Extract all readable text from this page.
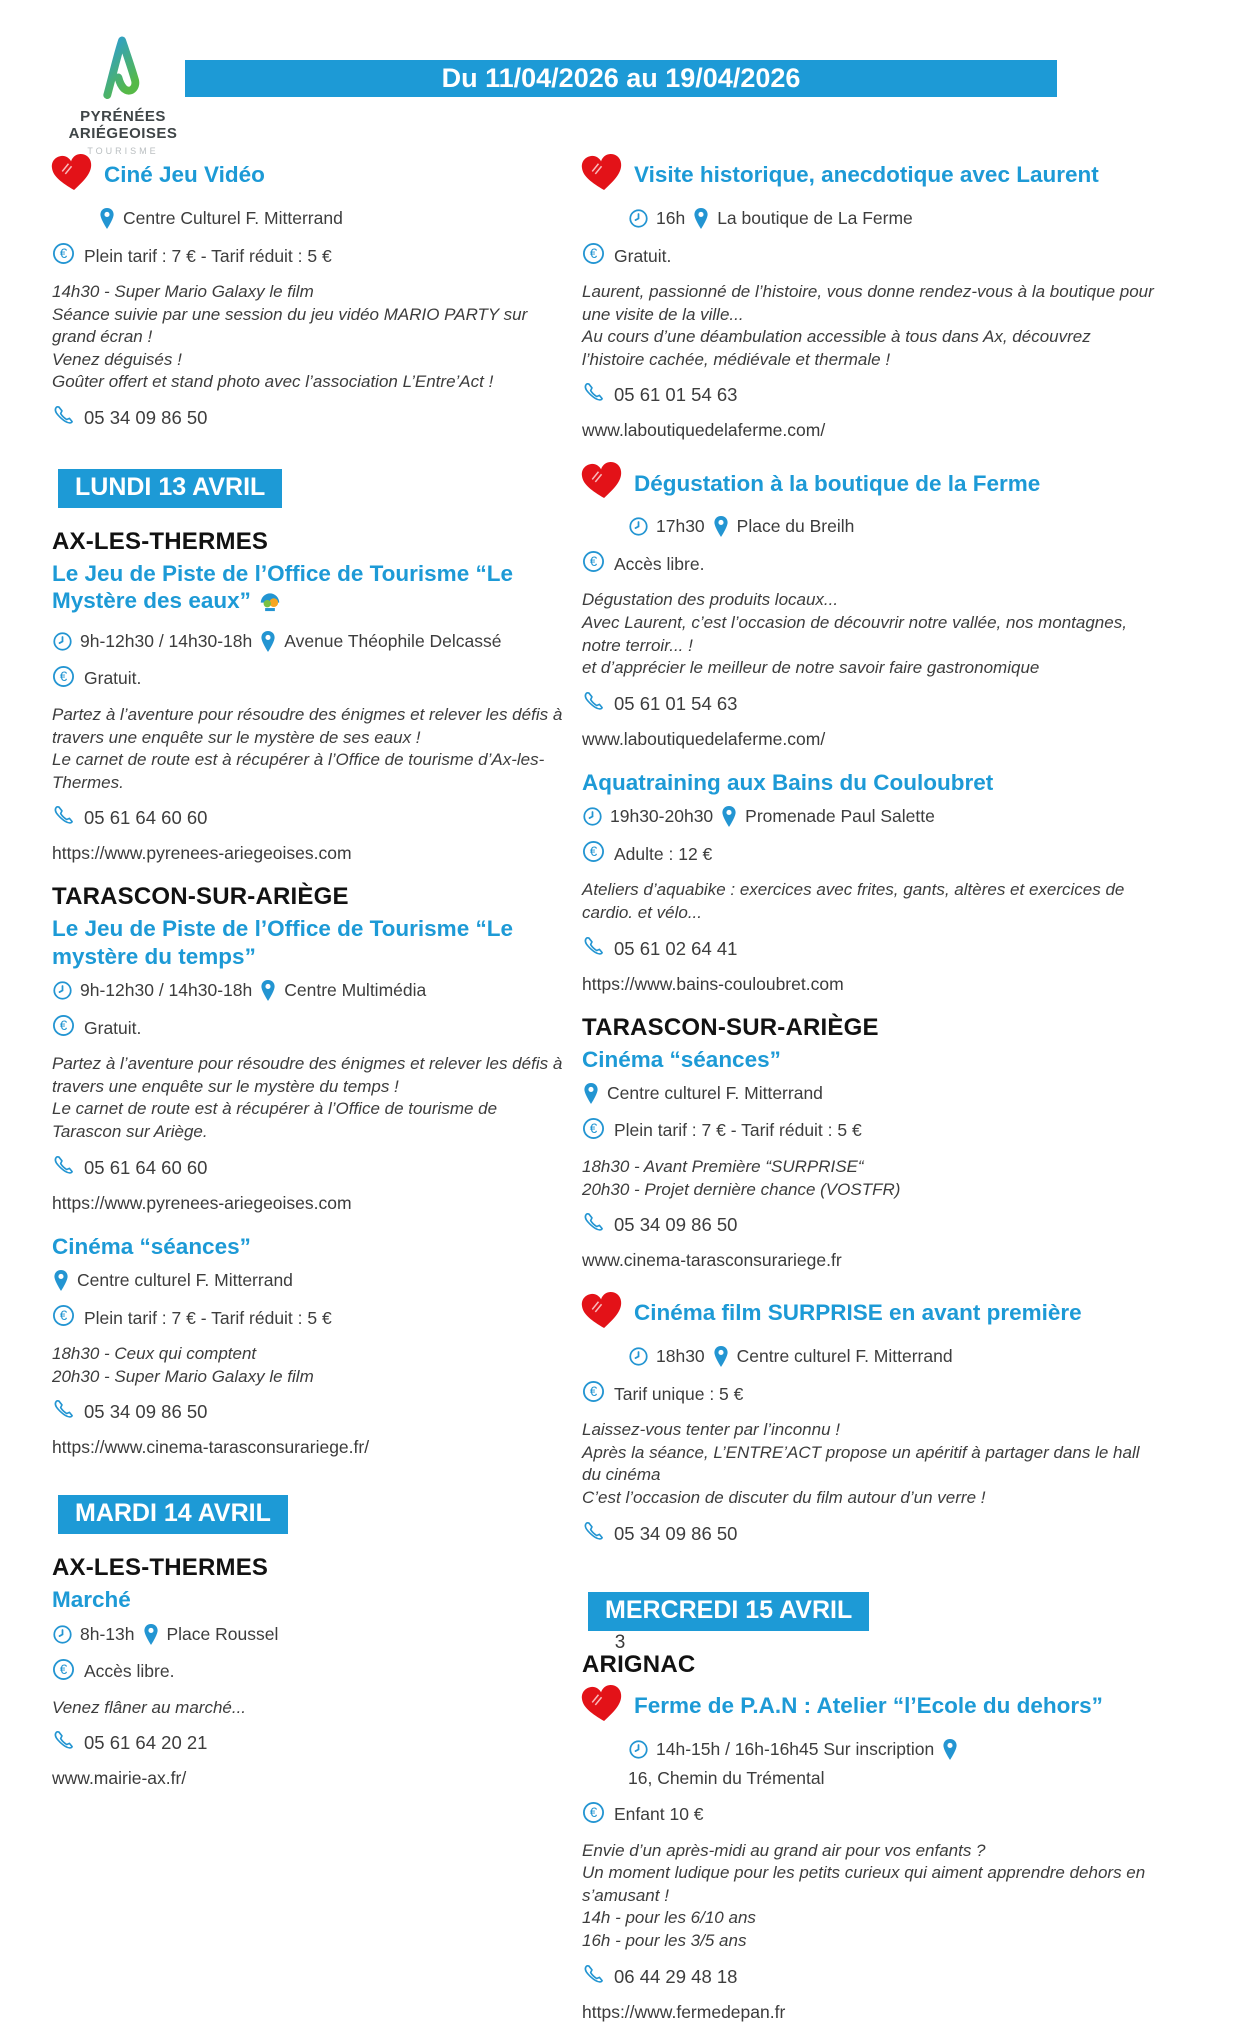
PYRÉNÉES
ARIÉGEOISES
TOURISME
Du 11/04/2026 au 19/04/2026
Ciné Jeu Vidéo
Centre Culturel F. Mitterrand
€ Plein tarif : 7 € - Tarif réduit : 5 €
14h30 - Super Mario Galaxy le film
Séance suivie par une session du jeu vidéo MARIO PARTY sur grand écran !
Venez déguisés !
Goûter offert et stand photo avec l’association L’Entre’Act !
05 34 09 86 50
LUNDI 13 AVRIL
AX-LES-THERMES
Le Jeu de Piste de l’Office de Tourisme “Le Mystère des eaux”
9h-12h30 / 14h30-18h Avenue Théophile Delcassé
€ Gratuit.
Partez à l’aventure pour résoudre des énigmes et relever les défis à travers une enquête sur le mystère de ses eaux !
Le carnet de route est à récupérer à l’Office de tourisme d’Ax-les-Thermes.
05 61 64 60 60
https://www.pyrenees-ariegeoises.com
TARASCON-SUR-ARIÈGE
Le Jeu de Piste de l’Office de Tourisme “Le mystère du temps”
9h-12h30 / 14h30-18h Centre Multimédia
€ Gratuit.
Partez à l’aventure pour résoudre des énigmes et relever les défis à travers une enquête sur le mystère du temps !
Le carnet de route est à récupérer à l’Office de tourisme de Tarascon sur Ariège.
05 61 64 60 60
https://www.pyrenees-ariegeoises.com
Cinéma “séances”
Centre culturel F. Mitterrand
€ Plein tarif : 7 € - Tarif réduit : 5 €
18h30 - Ceux qui comptent
20h30 - Super Mario Galaxy le film
05 34 09 86 50
https://www.cinema-tarasconsurariege.fr/
MARDI 14 AVRIL
AX-LES-THERMES
Marché
8h-13h Place Roussel
€ Accès libre.
Venez flâner au marché...
05 61 64 20 21
www.mairie-ax.fr/
Visite historique, anecdotique avec Laurent
16h La boutique de La Ferme
€ Gratuit.
Laurent, passionné de l’histoire, vous donne rendez-vous à la boutique pour une visite de la ville...
Au cours d’une déambulation accessible à tous dans Ax, découvrez l’histoire cachée, médiévale et thermale !
05 61 01 54 63
www.laboutiquedelaferme.com/
Dégustation à la boutique de la Ferme
17h30 Place du Breilh
€ Accès libre.
Dégustation des produits locaux...
Avec Laurent, c’est l’occasion de découvrir notre vallée, nos montagnes, notre terroir... !
et d’apprécier le meilleur de notre savoir faire gastronomique
05 61 01 54 63
www.laboutiquedelaferme.com/
Aquatraining aux Bains du Couloubret
19h30-20h30 Promenade Paul Salette
€ Adulte : 12 €
Ateliers d’aquabike : exercices avec frites, gants, altères et exercices de cardio. et vélo...
05 61 02 64 41
https://www.bains-couloubret.com
TARASCON-SUR-ARIÈGE
Cinéma “séances”
Centre culturel F. Mitterrand
€ Plein tarif : 7 € - Tarif réduit : 5 €
18h30 - Avant Première “SURPRISE“
20h30 - Projet dernière chance (VOSTFR)
05 34 09 86 50
www.cinema-tarasconsurariege.fr
Cinéma film SURPRISE en avant première
18h30 Centre culturel F. Mitterrand
€ Tarif unique : 5 €
Laissez-vous tenter par l’inconnu !
Après la séance, L’ENTRE’ACT propose un apéritif à partager dans le hall du cinéma
C’est l’occasion de discuter du film autour d’un verre !
05 34 09 86 50
MERCREDI 15 AVRIL
ARIGNAC
Ferme de P.A.N : Atelier “l’Ecole du dehors”
14h-15h / 16h-16h45 Sur inscription
16, Chemin du Trémental
€ Enfant 10 €
Envie d’un après-midi au grand air pour vos enfants ?
Un moment ludique pour les petits curieux qui aiment apprendre dehors en s’amusant !
14h - pour les 6/10 ans
16h - pour les 3/5 ans
06 44 29 48 18
https://www.fermedepan.fr
3
